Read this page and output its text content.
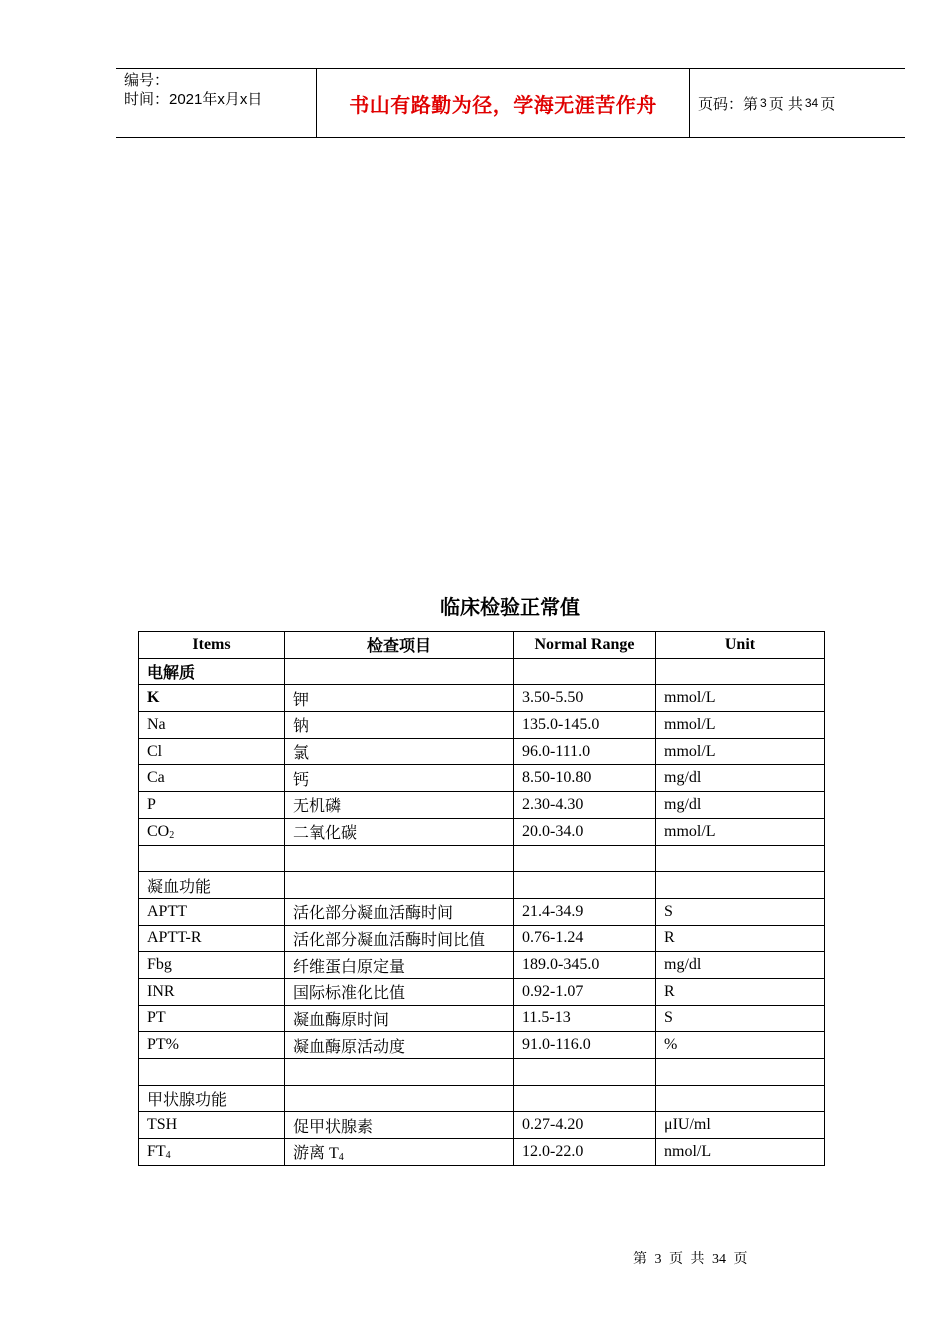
编号：
时间：2021年x月x日	书山有路勤为径，学海无涯苦作舟	页码：第 3 页 共 34 页
临床检验正常值
Items	检查项目	Normal Range	Unit
电解质			
K	钾	3.50-5.50	mmol/L
Na	钠	135.0-145.0	mmol/L
Cl	氯	96.0-111.0	mmol/L
Ca	钙	8.50-10.80	mg/dl
P	无机磷	2.30-4.30	mg/dl
$CO_2$	二氧化碳	20.0-34.0	mmol/L

凝血功能			
APTT	活化部分凝血活酶时间	21.4-34.9	S
APTT-R	活化部分凝血活酶时间比值	0.76-1.24	R
Fbg	纤维蛋白原定量	189.0-345.0	mg/dl
INR	国际标准化比值	0.92-1.07	R
PT	凝血酶原时间	11.5-13	S
PT%	凝血酶原活动度	91.0-116.0	%

甲状腺功能			
TSH	促甲状腺素	0.27-4.20	μIU/ml
$FT_4$	游离 $T_4$	12.0-22.0	nmol/L
第 3 页 共 34 页
